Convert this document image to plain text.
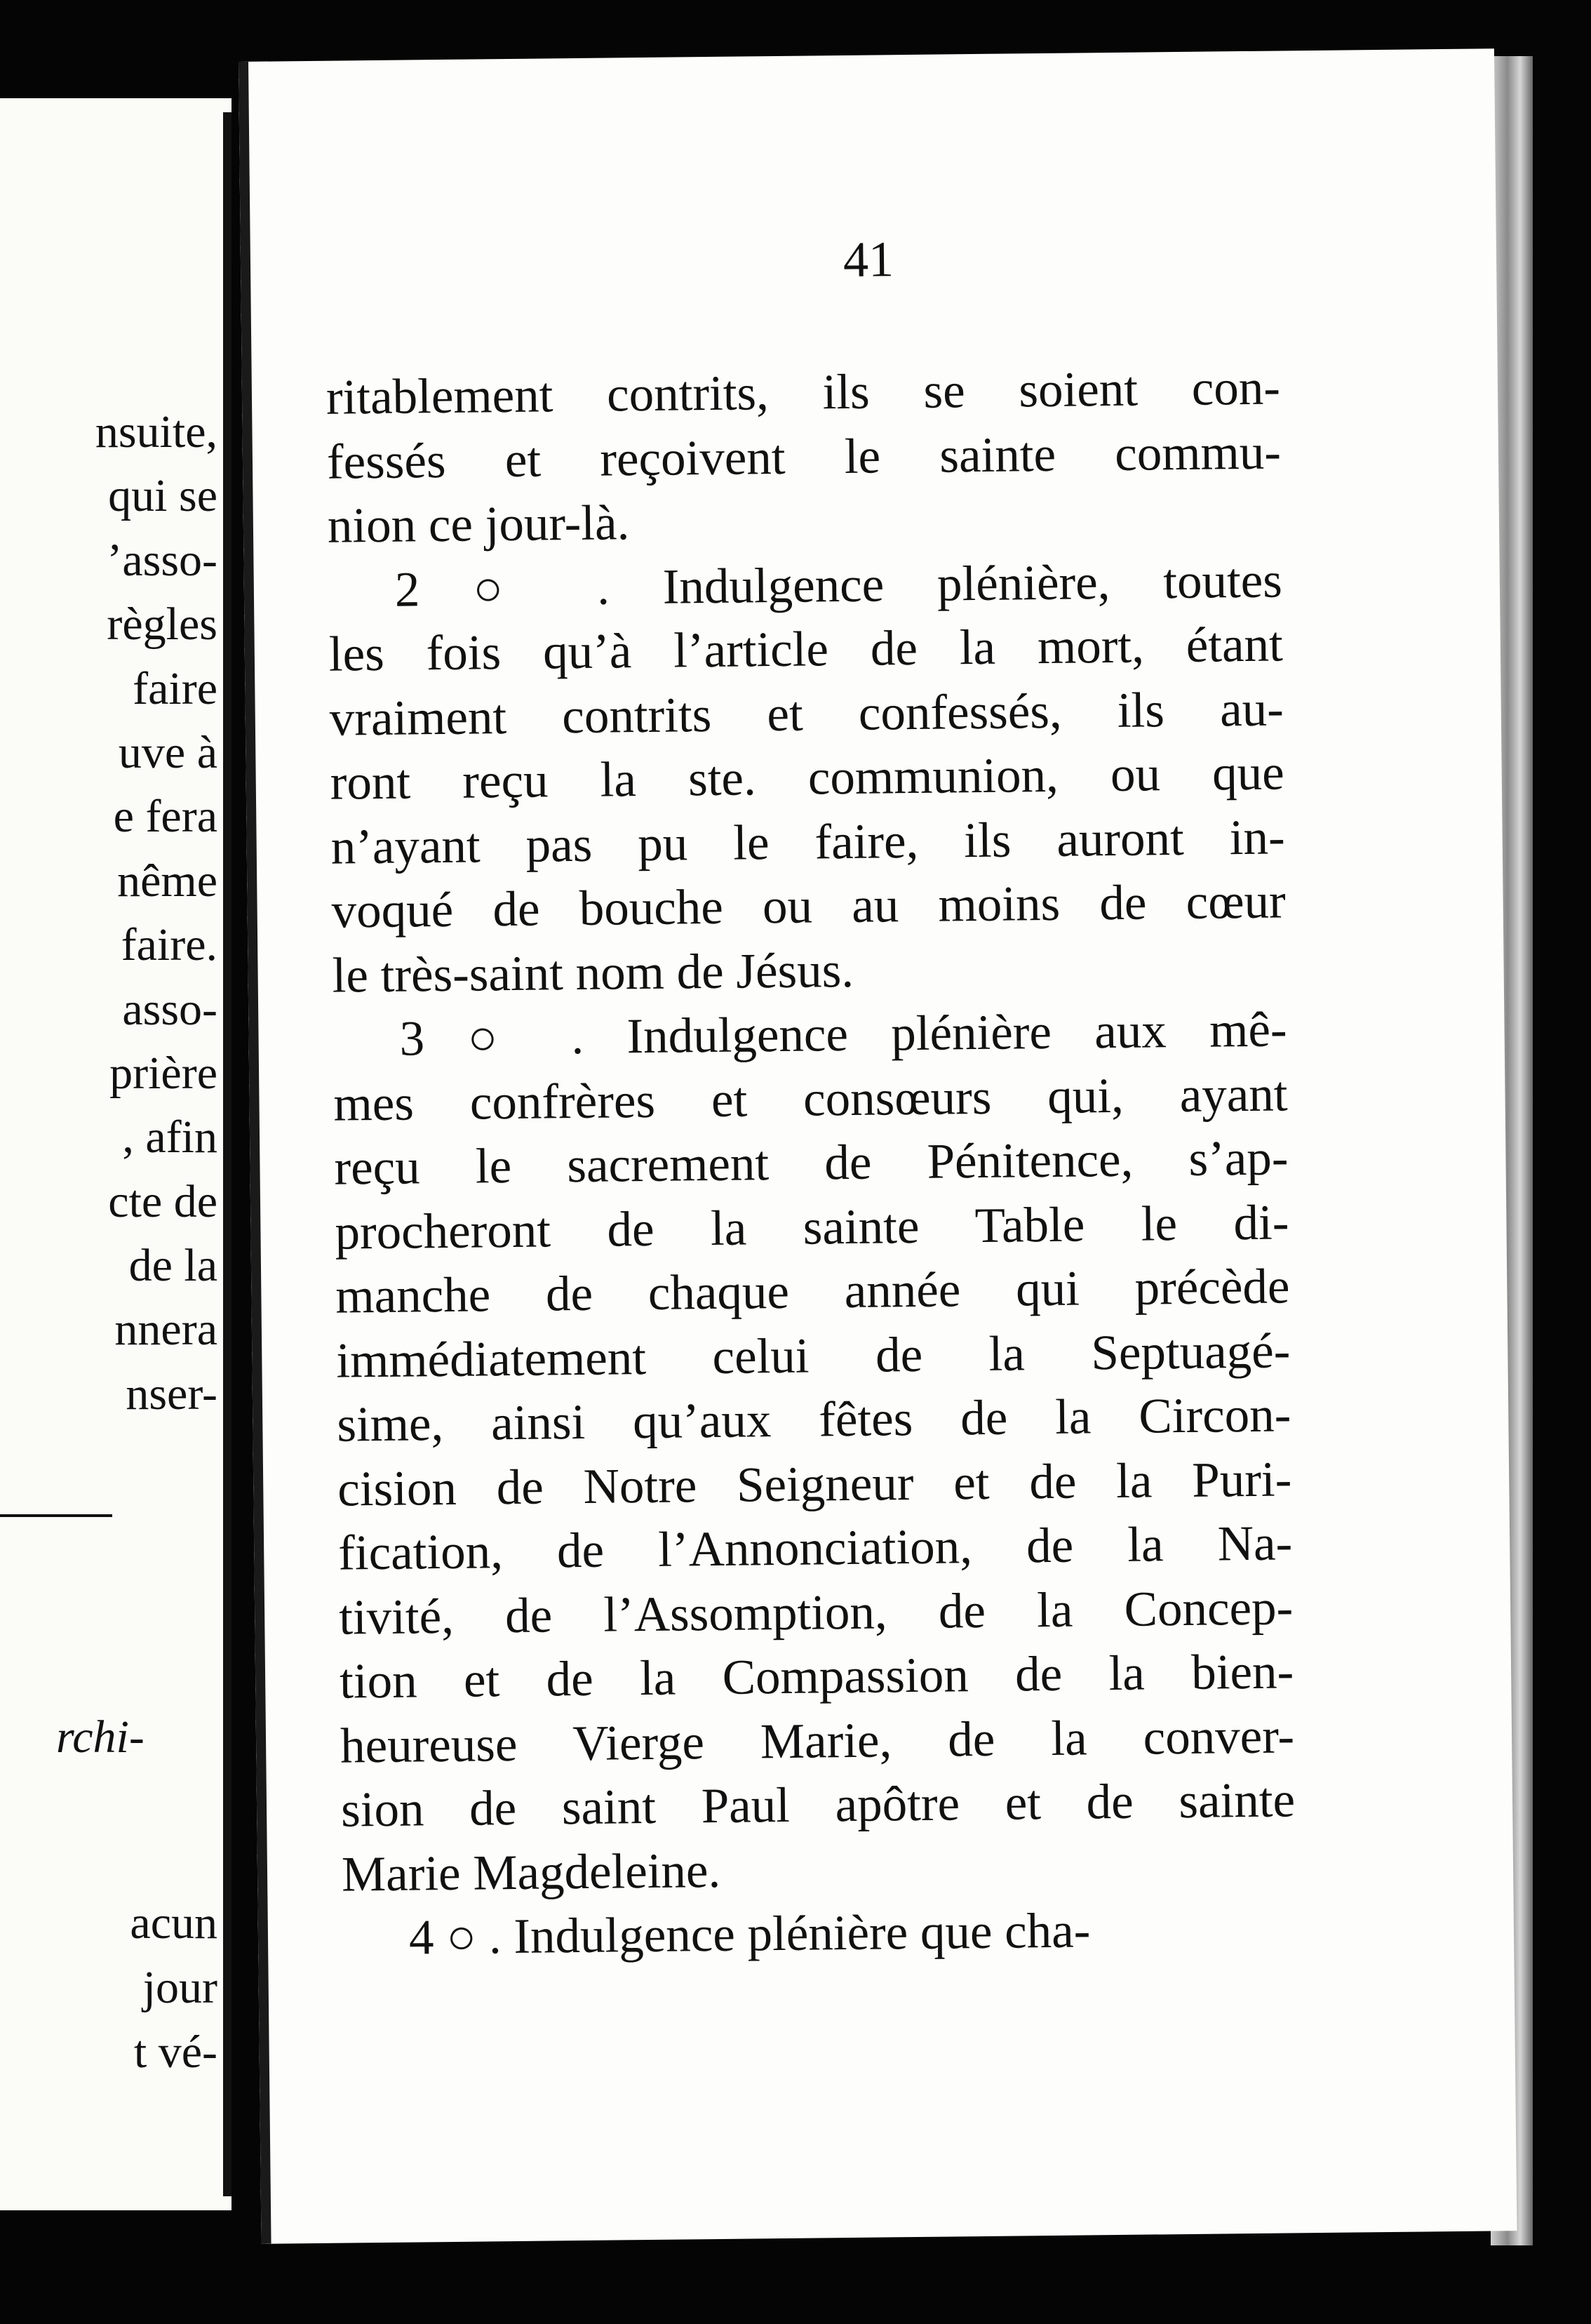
nsuite,
qui se
’asso-
règles
faire
uve à
e fera
nême
faire.
asso-
prière
, afin
cte de
de la
nnera
nser-
rchi-
acun
jour
t vé-

41

ritablement contrits, ils se soient con-
fessés et reçoivent le sainte commu-
nion ce jour-là.
2 ○ . Indulgence plénière, toutes
les fois qu’à l’article de la mort, étant
vraiment contrits et confessés, ils au-
ront reçu la ste. communion, ou que
n’ayant pas pu le faire, ils auront in-
voqué de bouche ou au moins de cœur
le très-saint nom de Jésus.
3 ○ . Indulgence plénière aux mê-
mes confrères et consœurs qui, ayant
reçu le sacrement de Pénitence, s’ap-
procheront de la sainte Table le di-
manche de chaque année qui précède
immédiatement celui de la Septuagé-
sime, ainsi qu’aux fêtes de la Circon-
cision de Notre Seigneur et de la Puri-
fication, de l’Annonciation, de la Na-
tivité, de l’Assomption, de la Concep-
tion et de la Compassion de la bien-
heureuse Vierge Marie, de la conver-
sion de saint Paul apôtre et de sainte
Marie Magdeleine.
4 ○ . Indulgence plénière que cha-
